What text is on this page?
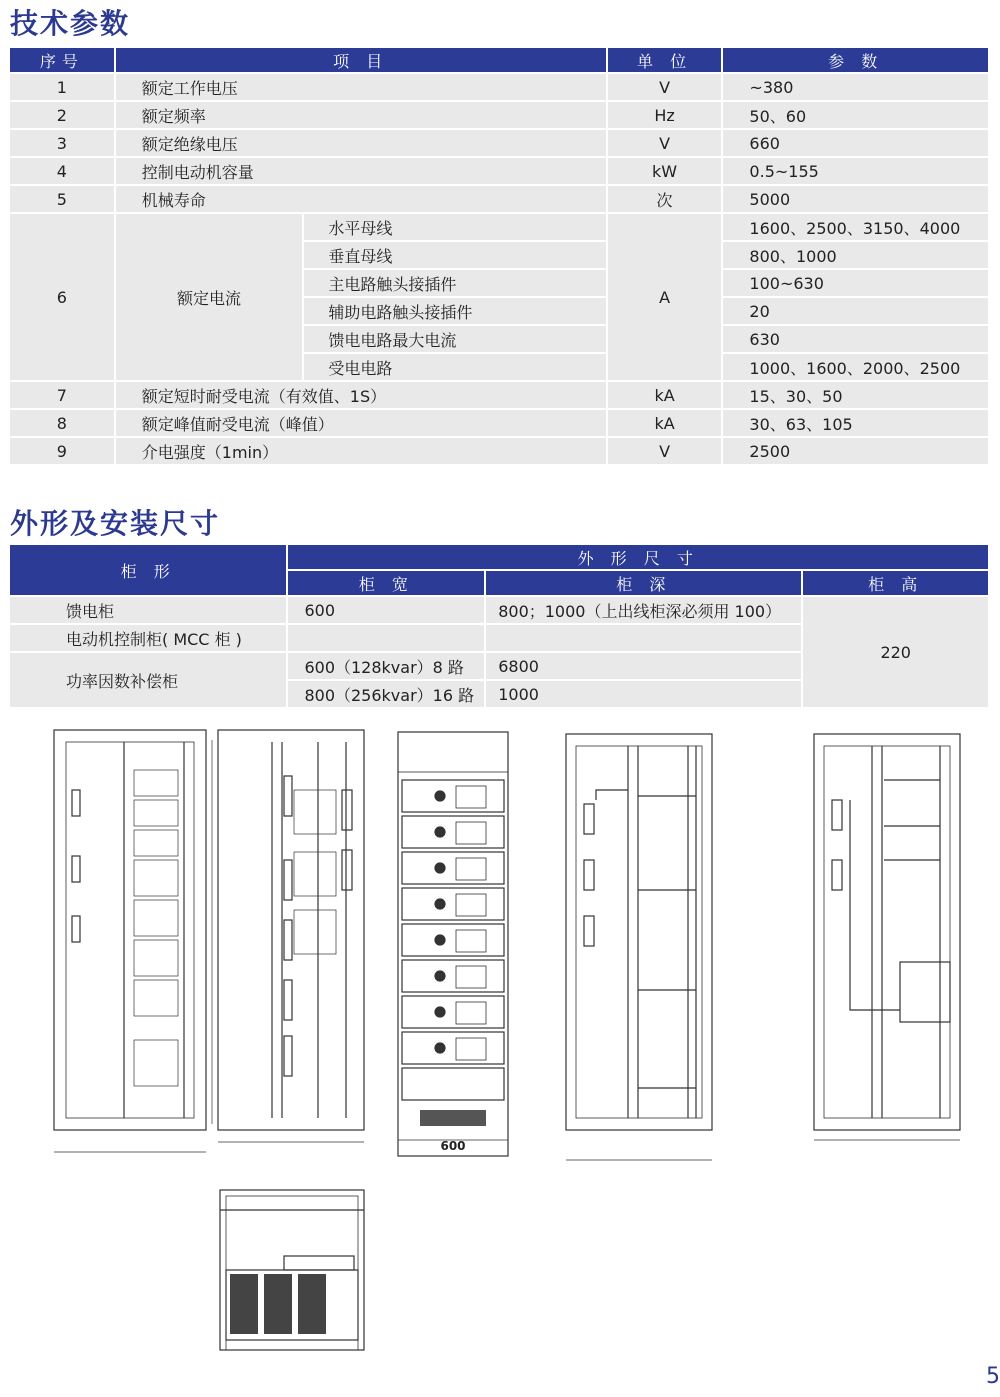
技术参数
序号	项 目		单 位	参 数
1	额定工作电压		V	~380
2	额定频率		Hz	50、60
3	额定绝缘电压		V	660
4	控制电动机容量		kW	0.5~155
5	机械寿命		次	5000
6	额定电流	水平母线	A	1600、2500、3150、4000
		垂直母线		800、1000
		主电路触头接插件		100~630
		辅助电路触头接插件		20
		馈电电路最大电流		630
		受电电路		1000、1600、2000、2500
7	额定短时耐受电流（有效值、1S）		kA	15、30、50
8	额定峰值耐受电流（峰值）		kA	30、63、105
9	介电强度（1min）		V	2500
外形及安装尺寸
柜 形	外 形 尺 寸		
	柜 宽	柜 深	柜 高
馈电柜	600	800；1000（上出线柜深必须用 100）	220
电动机控制柜( MCC 柜 )			
功率因数补偿柜	600（128kvar）8 路	6800	
	800（256kvar）16 路	1000	
600
5
